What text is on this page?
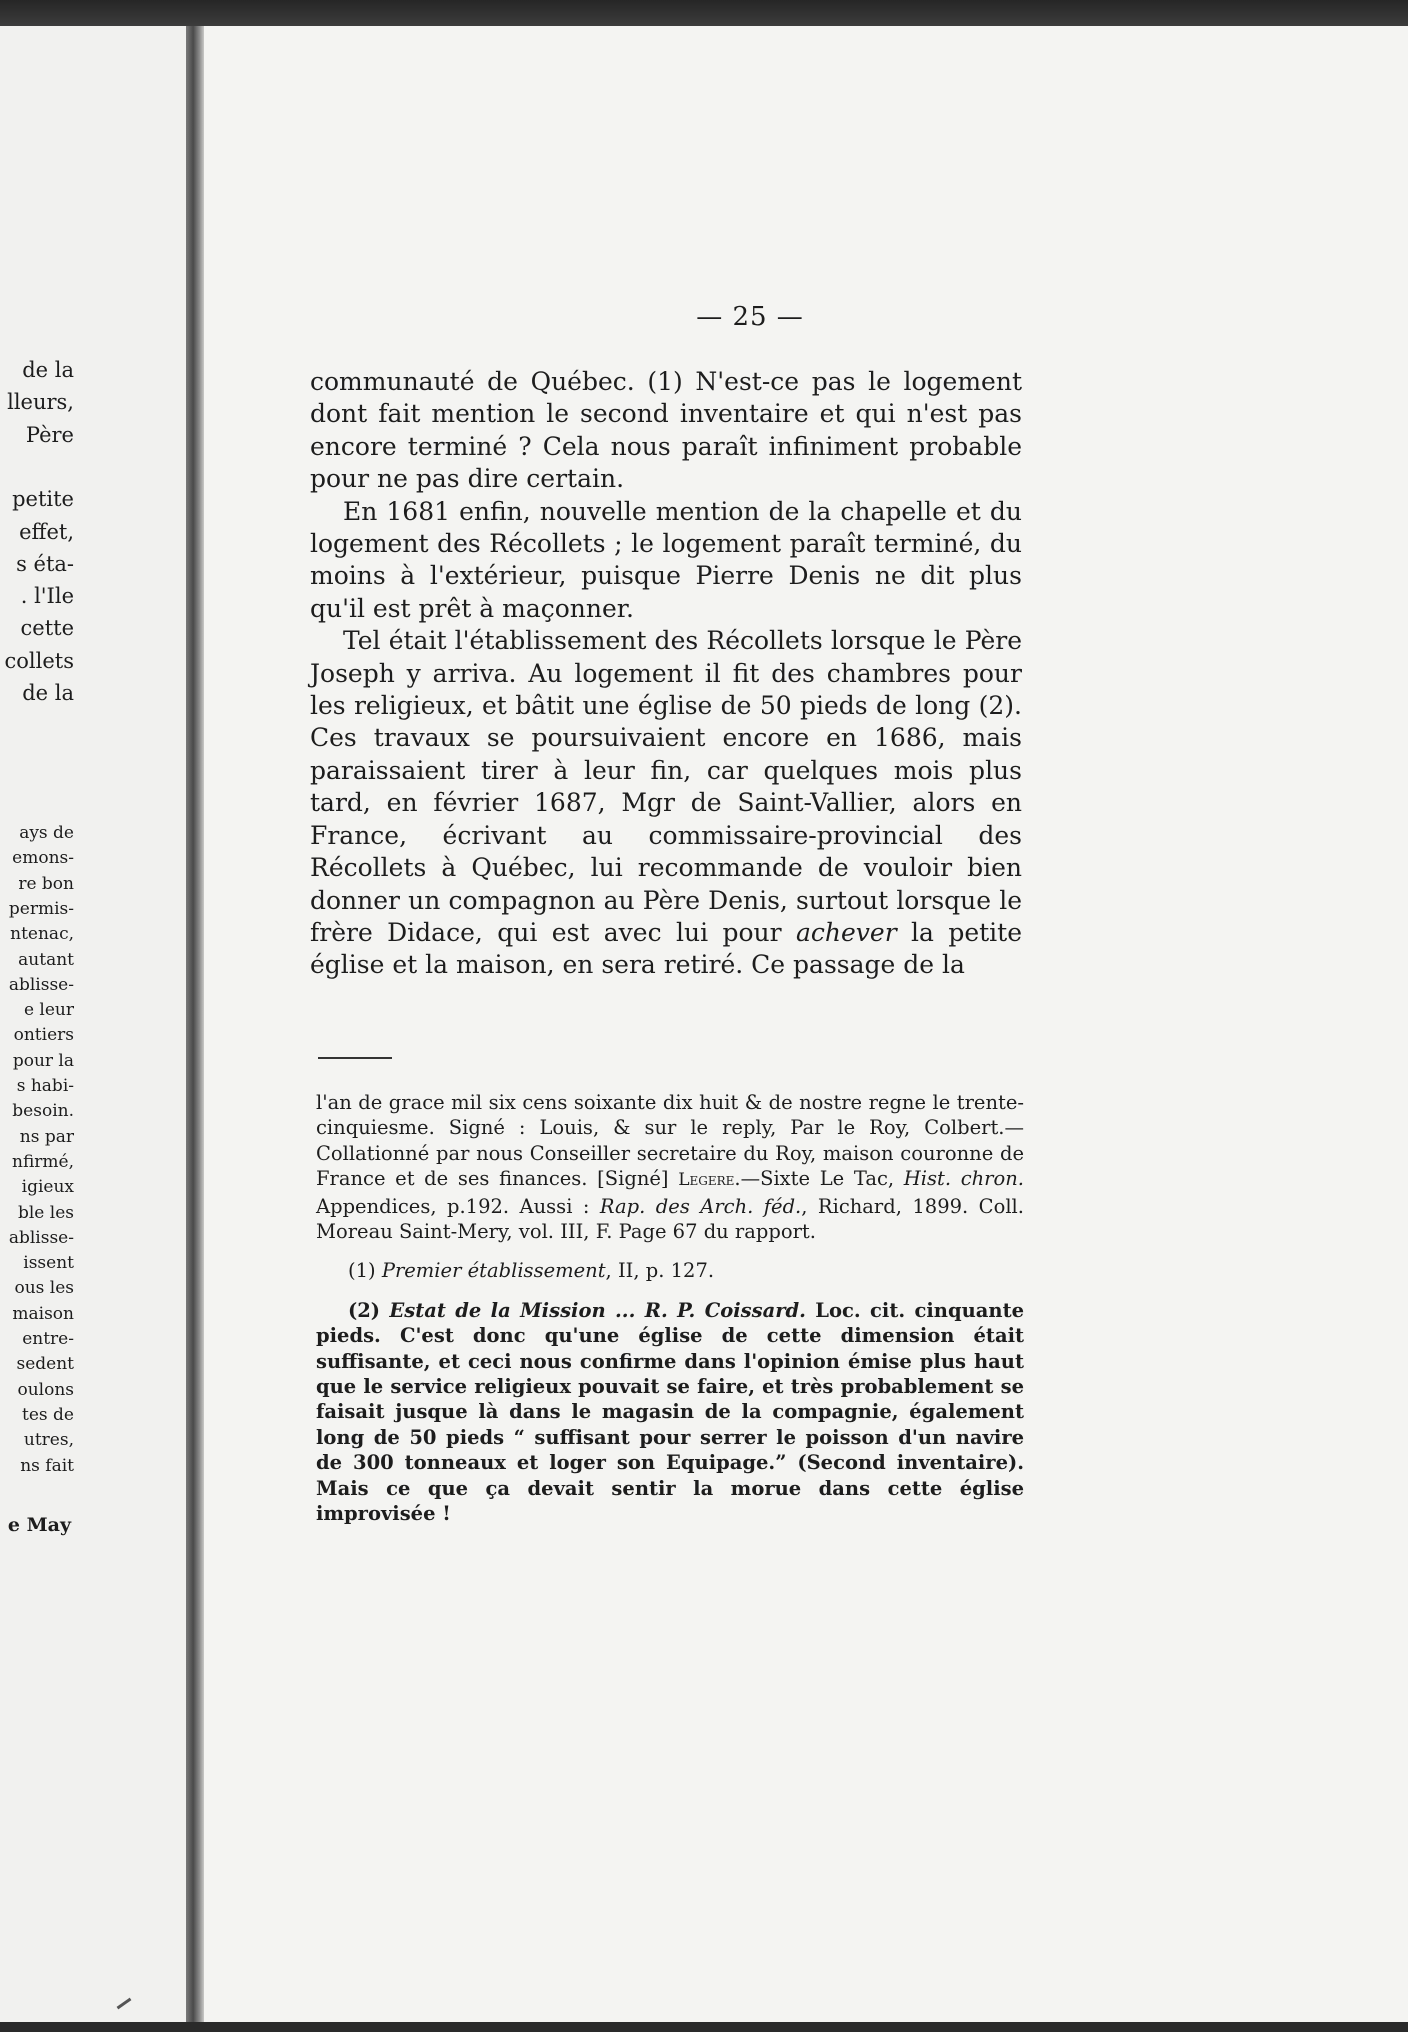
de la
lleurs,
Père
petite
effet,
s éta-
. l'Ile
cette
collets
de la
ays de
emons-
re bon
permis-
ntenac,
autant
ablisse-
e leur
ontiers
pour la
s habi-
besoin.
ns par
nfirmé,
igieux
ble les
ablisse-
issent
ous les
maison
entre-
sedent
oulons
tes de
utres,
ns fait
e May
— 25 —

communauté de Québec. (1) N'est-ce pas le logement dont fait mention le second inventaire et qui n'est pas encore terminé ? Cela nous paraît infiniment probable pour ne pas dire certain.

En 1681 enfin, nouvelle mention de la chapelle et du logement des Récollets ; le logement paraît terminé, du moins à l'extérieur, puisque Pierre Denis ne dit plus qu'il est prêt à maçonner.

Tel était l'établissement des Récollets lorsque le Père Joseph y arriva. Au logement il fit des chambres pour les religieux, et bâtit une église de 50 pieds de long (2). Ces travaux se poursuivaient encore en 1686, mais paraissaient tirer à leur fin, car quelques mois plus tard, en février 1687, Mgr de Saint-Vallier, alors en France, écrivant au commissaire-provincial des Récollets à Québec, lui recommande de vouloir bien donner un compagnon au Père Denis, surtout lorsque le frère Didace, qui est avec lui pour achever la petite église et la maison, en sera retiré. Ce passage de la

l'an de grace mil six cens soixante dix huit & de nostre regne le trente-cinquiesme. Signé : Louis, & sur le reply, Par le Roy, Colbert.—Collationné par nous Conseiller secretaire du Roy, maison couronne de France et de ses finances. [Signé] Legere.—Sixte Le Tac, Hist. chron. Appendices, p.192. Aussi : Rap. des Arch. féd., Richard, 1899. Coll. Moreau Saint-Mery, vol. III, F. Page 67 du rapport.

(1) Premier établissement, II, p. 127.

(2) Estat de la Mission ... R. P. Coissard. Loc. cit. cinquante pieds. C'est donc qu'une église de cette dimension était suffisante, et ceci nous confirme dans l'opinion émise plus haut que le service religieux pouvait se faire, et très probablement se faisait jusque là dans le magasin de la compagnie, également long de 50 pieds “ suffisant pour serrer le poisson d'un navire de 300 tonneaux et loger son Equipage.” (Second inventaire). Mais ce que ça devait sentir la morue dans cette église improvisée !
